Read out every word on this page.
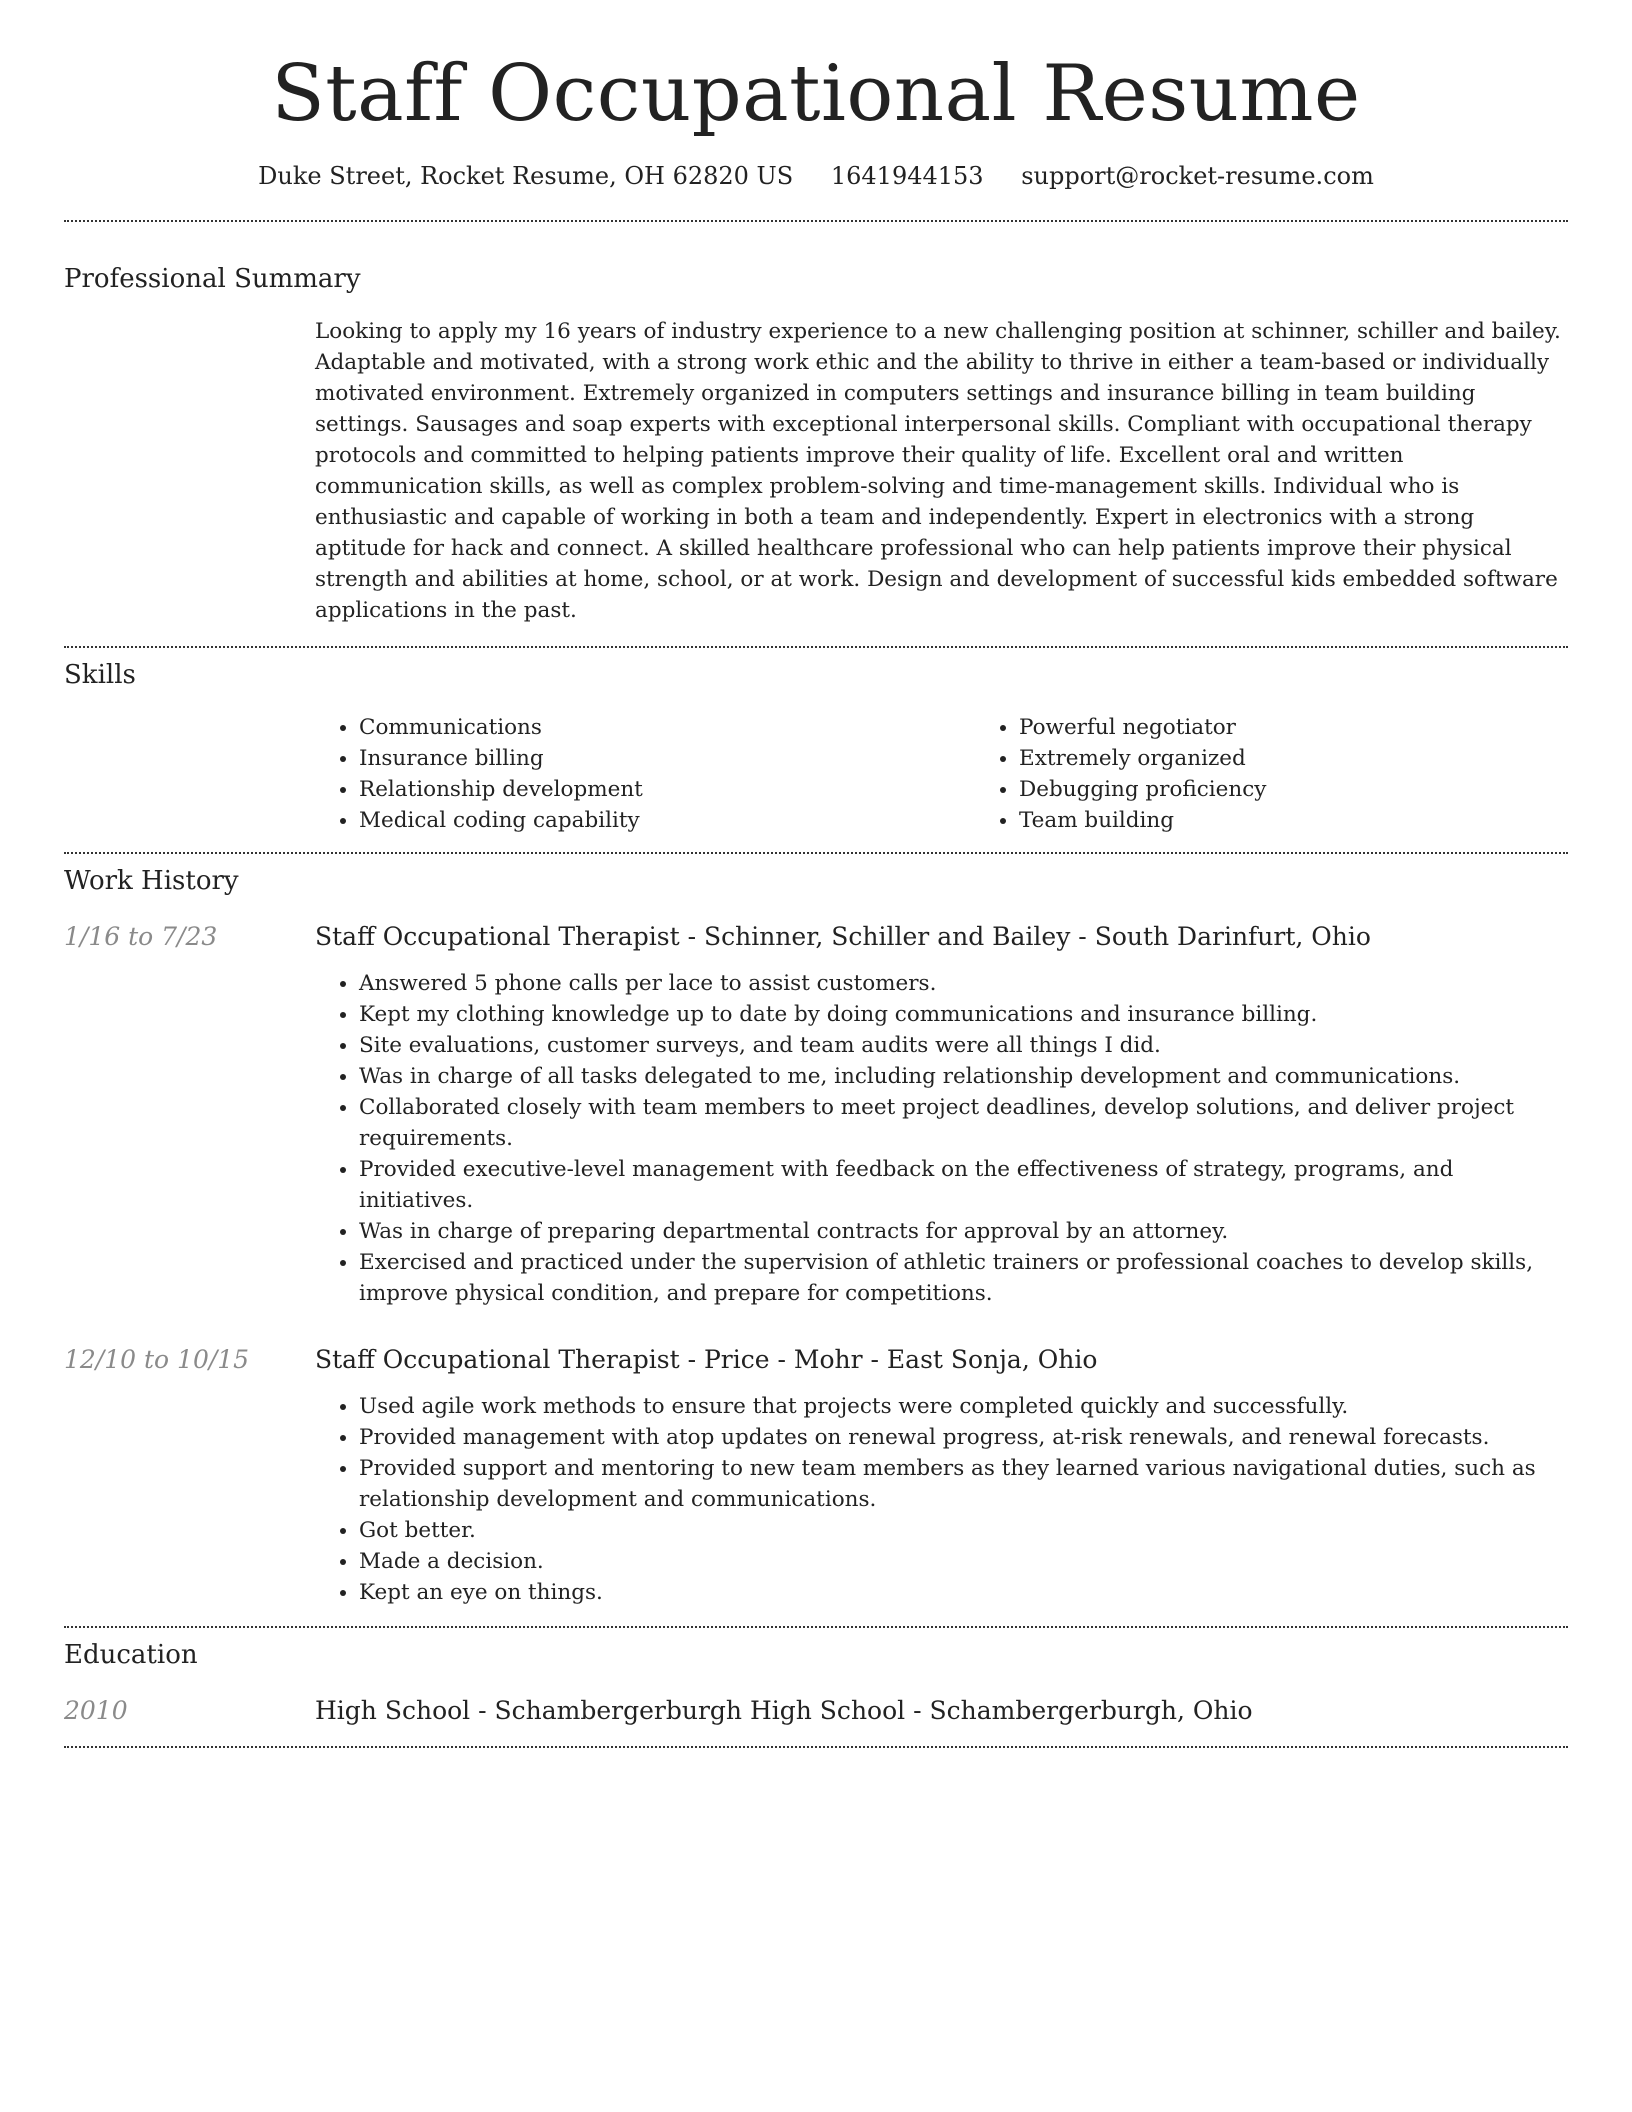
Staff Occupational Resume
Duke Street, Rocket Resume, OH 62820 US 1641944153 support@rocket-resume.com
Professional Summary
Looking to apply my 16 years of industry experience to a new challenging position at schinner, schiller and bailey. Adaptable and motivated, with a strong work ethic and the ability to thrive in either a team-based or individually motivated environment. Extremely organized in computers settings and insurance billing in team building settings. Sausages and soap experts with exceptional interpersonal skills. Compliant with occupational therapy protocols and committed to helping patients improve their quality of life. Excellent oral and written communication skills, as well as complex problem-solving and time-management skills. Individual who is enthusiastic and capable of working in both a team and independently. Expert in electronics with a strong aptitude for hack and connect. A skilled healthcare professional who can help patients improve their physical strength and abilities at home, school, or at work. Design and development of successful kids embedded software applications in the past.
Skills
• Communications
• Insurance billing
• Relationship development
• Medical coding capability
• Powerful negotiator
• Extremely organized
• Debugging proficiency
• Team building
Work History
1/16 to 7/23	Staff Occupational Therapist - Schinner, Schiller and Bailey - South Darinfurt, Ohio
• Answered 5 phone calls per lace to assist customers.
• Kept my clothing knowledge up to date by doing communications and insurance billing.
• Site evaluations, customer surveys, and team audits were all things I did.
• Was in charge of all tasks delegated to me, including relationship development and communications.
• Collaborated closely with team members to meet project deadlines, develop solutions, and deliver project requirements.
• Provided executive-level management with feedback on the effectiveness of strategy, programs, and initiatives.
• Was in charge of preparing departmental contracts for approval by an attorney.
• Exercised and practiced under the supervision of athletic trainers or professional coaches to develop skills, improve physical condition, and prepare for competitions.
12/10 to 10/15	Staff Occupational Therapist - Price - Mohr - East Sonja, Ohio
• Used agile work methods to ensure that projects were completed quickly and successfully.
• Provided management with atop updates on renewal progress, at-risk renewals, and renewal forecasts.
• Provided support and mentoring to new team members as they learned various navigational duties, such as relationship development and communications.
• Got better.
• Made a decision.
• Kept an eye on things.
Education
2010	High School - Schambergerburgh High School - Schambergerburgh, Ohio
